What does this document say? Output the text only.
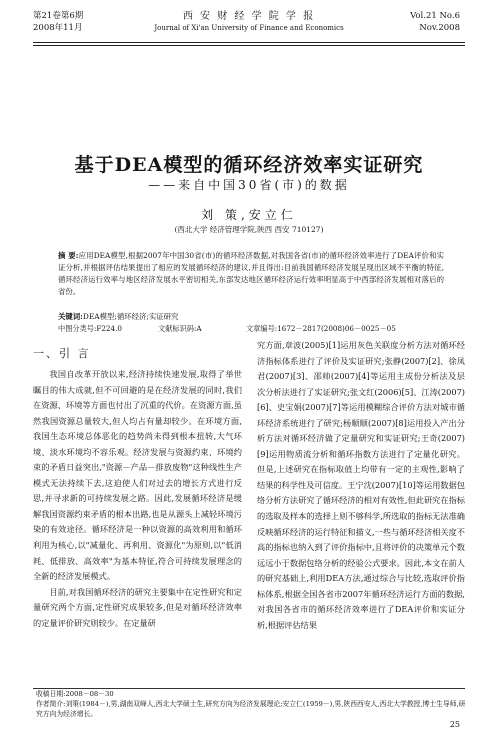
第21卷第6期
2008年11月
西 安 财 经 学 院 学 报
Journal of Xi'an University of Finance and Economics
Vol.21 No.6
Nov.2008
基于DEA模型的循环经济效率实证研究
——来自中国30省(市)的数据
刘 策,安立仁
(西北大学 经济管理学院,陕西 西安 710127)
摘 要:应用DEA模型,根据2007年中国30省(市)的循环经济数据,对我国各省(市)的循环经济效率进行了DEA评价和实证分析,并根据评估结果提出了相应的发展循环经济的建议,并且得出:目前我国循环经济发展呈现出区域不平衡的特征,循环经济运行效率与地区经济发展水平密切相关,东部发达地区循环经济运行效率明显高于中西部经济发展相对落后的省份。
关键词:DEA模型;循环经济;实证研究
中图分类号:F224.0	文献标识码:A	文章编号:1672－2817(2008)06－0025－05
一、引 言

我国自改革开放以来,经济持续快速发展,取得了举世瞩目的伟大成就,但不可回避的是在经济发展的同时,我们在资源、环境等方面也付出了沉重的代价。在资源方面,虽然我国资源总量较大,但人均占有量却较少。在环境方面,我国生态环境总体恶化的趋势尚未得到根本扭转,大气环境、淡水环境均不容乐观。经济发展与资源约束、环境约束的矛盾日益突出,"资源－产品－排放废物"这种线性生产模式无法持续下去,这迫使人们对过去的增长方式进行反思,并寻求新的可持续发展之路。因此,发展循环经济是缓解我国资源约束矛盾的根本出路,也是从源头上减轻环境污染的有效途径。循环经济是一种以资源的高效利用和循环利用为核心,以"减量化、再利用、资源化"为原则,以"低消耗、低排放、高效率"为基本特征,符合可持续发展理念的全新的经济发展模式。

目前,对我国循环经济的研究主要集中在定性研究和定量研究两个方面,定性研究成果较多,但是对循环经济效率的定量评价研究则较少。在定量研

究方面,章波(2005)[1]运用灰色关联度分析方法对循环经济指标体系进行了评价及实证研究;张静(2007)[2]、徐凤君(2007)[3]、邵帅(2007)[4]等运用主成份分析法及层次分析法进行了实证研究;张文红(2006)[5]、江涛(2007)[6]、史宝娟(2007)[7]等运用模糊综合评价方法对城市循环经济系统进行了研究;杨顺顺(2007)[8]运用投入产出分析方法对循环经济做了定量研究和实证研究;王奇(2007)[9]运用物质流分析和循环指数方法进行了定量化研究。但是,上述研究在指标取值上均带有一定的主观性,影响了结果的科学性及可信度。王宁沈(2007)[10]等运用数据包络分析方法研究了循环经济的相对有效性,但此研究在指标的选取及样本的选择上则不够科学,所选取的指标无法准确反映循环经济的运行特征和描义,一些与循环经济相关度不高的指标也纳入到了评价指标中,且将评价的决策单元个数远远小于数据包络分析的经验公式要求。因此,本文在前人的研究基础上,利用DEA方法,通过综合与比较,选取评价指标体系,根据全国各省市2007年循环经济运行方面的数据,对我国各省市的循环经济效率进行了DEA评价和实证分析,根据评估结果

收稿日期:2008－08－30
作者简介:刘策(1984－),男,湖南双峰人,西北大学硕士生,研究方向为经济发展理论;安立仁(1959－),男,陕西西安人,西北大学教授,博士生导师,研究方向为经济增长。
25
